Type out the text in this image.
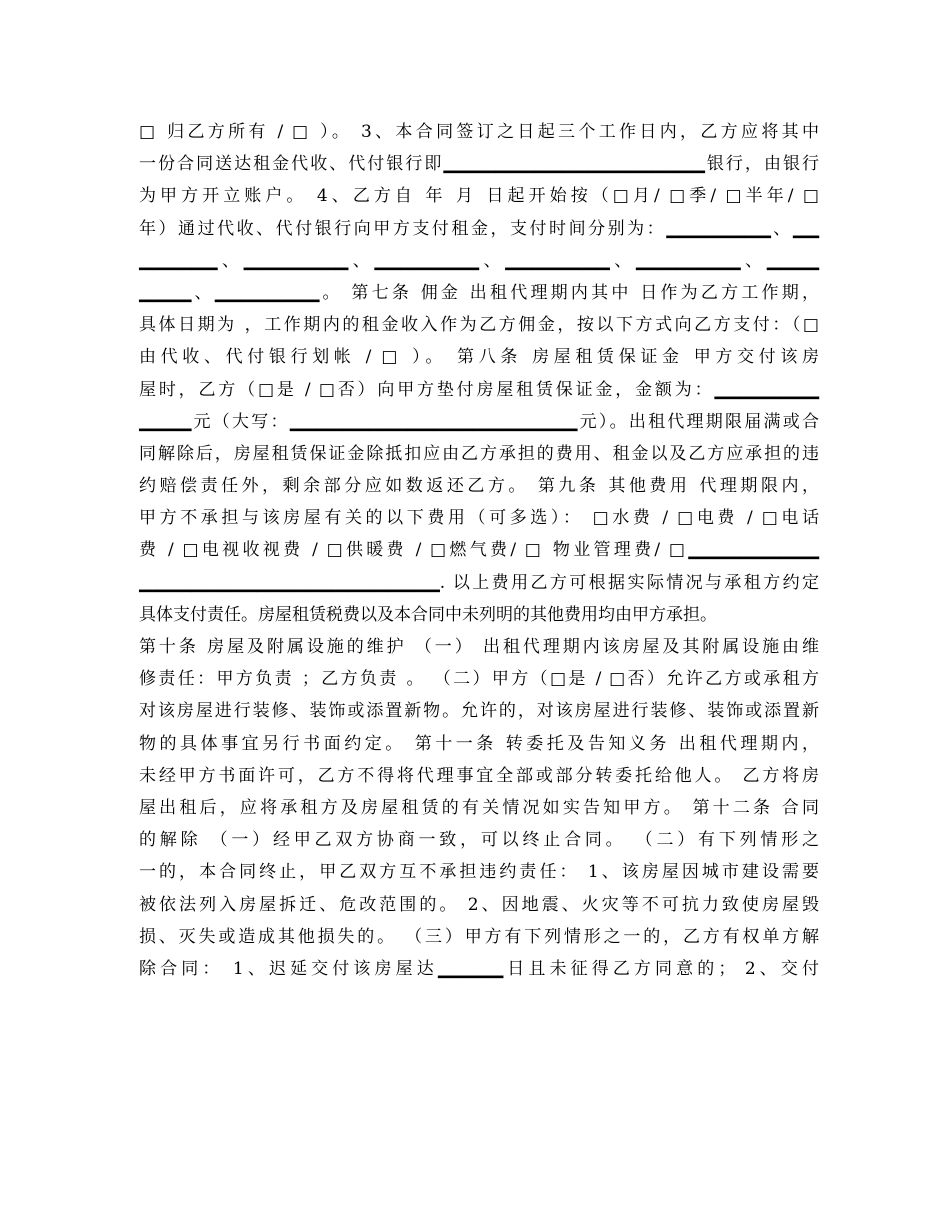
□ 归乙方所有 / □ ）。 3、本合同签订之日起三个工作日内，乙方应将其中
一份合同送达租金代收、代付银行即▁▁▁▁▁▁▁▁▁▁▁▁▁▁▁▁▁▁▁▁银行，由银行
为甲方开立账户。 4、乙方自 年 月 日起开始按（□月/ □季/ □半年/ □
年）通过代收、代付银行向甲方支付租金，支付时间分别为：▁▁▁▁▁▁▁▁、▁▁
▁▁▁▁▁▁、▁▁▁▁▁▁▁▁、▁▁▁▁▁▁▁▁、▁▁▁▁▁▁▁▁、▁▁▁▁▁▁▁▁、▁▁▁▁
▁▁▁▁、▁▁▁▁▁▁▁▁。 第七条 佣金 出租代理期内其中 日作为乙方工作期，
具体日期为 ，工作期内的租金收入作为乙方佣金，按以下方式向乙方支付：（□
由代收、代付银行划帐 / □ ）。 第八条 房屋租赁保证金 甲方交付该房
屋时，乙方（□是 / □否）向甲方垫付房屋租赁保证金，金额为：▁▁▁▁▁▁▁▁
▁▁▁▁元（大写：▁▁▁▁▁▁▁▁▁▁▁▁▁▁▁▁▁▁▁▁▁▁元）。出租代理期限届满或合
同解除后，房屋租赁保证金除抵扣应由乙方承担的费用、租金以及乙方应承担的违
约赔偿责任外，剩余部分应如数返还乙方。 第九条 其他费用 代理期限内，
甲方不承担与该房屋有关的以下费用（可多选）： □水费 / □电费 / □电话
费 / □电视收视费 / □供暖费 / □燃气费/ □ 物业管理费/ □▁▁▁▁▁▁▁▁▁▁
▁▁▁▁▁▁▁▁▁▁▁▁▁▁▁▁▁▁▁▁▁▁▁. 以上费用乙方可根据实际情况与承租方约定
具体支付责任。房屋租赁税费以及本合同中未列明的其他费用均由甲方承担。
第十条 房屋及附属设施的维护 （一） 出租代理期内该房屋及其附属设施由维
修责任：甲方负责 ；乙方负责 。 （二）甲方（□是 / □否）允许乙方或承租方
对该房屋进行装修、装饰或添置新物。允许的，对该房屋进行装修、装饰或添置新
物的具体事宜另行书面约定。 第十一条 转委托及告知义务 出租代理期内，
未经甲方书面许可，乙方不得将代理事宜全部或部分转委托给他人。 乙方将房
屋出租后，应将承租方及房屋租赁的有关情况如实告知甲方。 第十二条 合同
的解除 （一）经甲乙双方协商一致，可以终止合同。 （二）有下列情形之
一的，本合同终止，甲乙双方互不承担违约责任： 1、该房屋因城市建设需要
被依法列入房屋拆迁、危改范围的。 2、因地震、火灾等不可抗力致使房屋毁
损、灭失或造成其他损失的。 （三）甲方有下列情形之一的，乙方有权单方解
除合同： 1、迟延交付该房屋达▁▁▁▁▁日且未征得乙方同意的； 2、交付
